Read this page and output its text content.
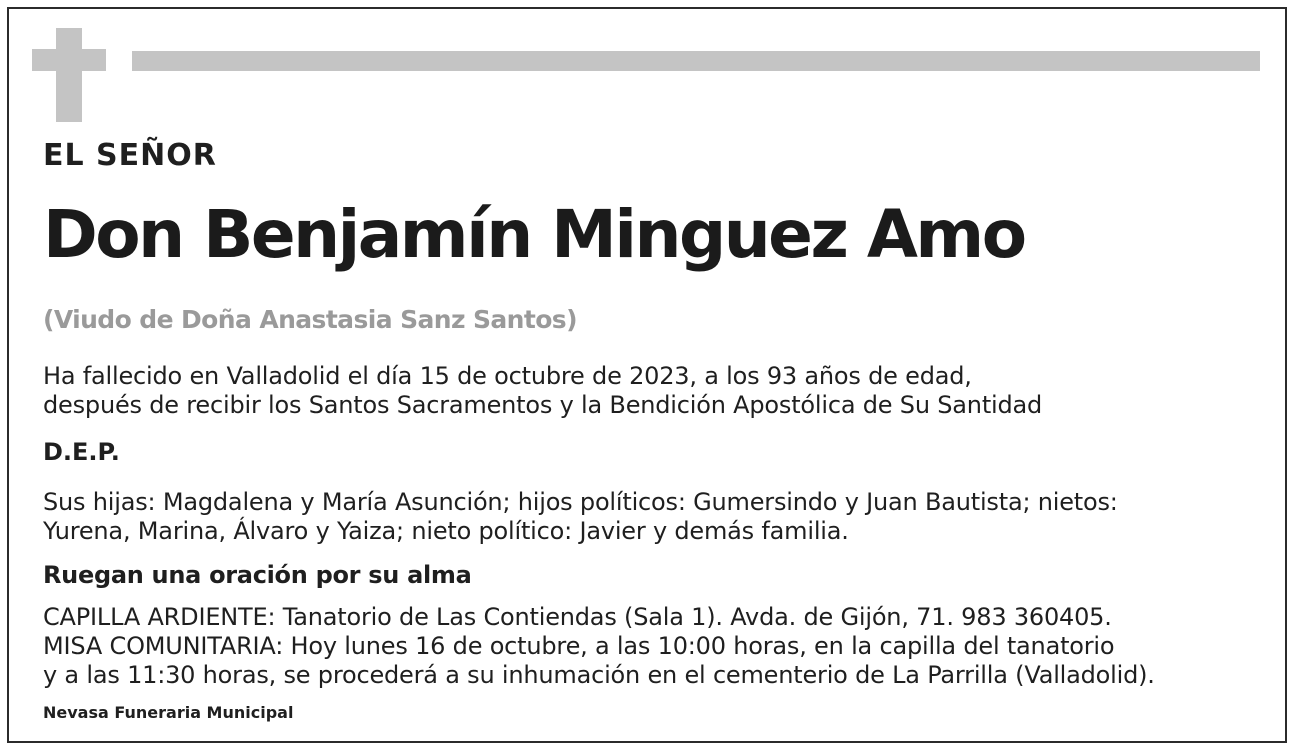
EL SEÑOR
Don Benjamín Minguez Amo
(Viudo de Doña Anastasia Sanz Santos)
Ha fallecido en Valladolid el día 15 de octubre de 2023, a los 93 años de edad,
después de recibir los Santos Sacramentos y la Bendición Apostólica de Su Santidad
D.E.P.
Sus hijas: Magdalena y María Asunción; hijos políticos: Gumersindo y Juan Bautista; nietos:
Yurena, Marina, Álvaro y Yaiza; nieto político: Javier y demás familia.
Ruegan una oración por su alma
CAPILLA ARDIENTE: Tanatorio de Las Contiendas (Sala 1). Avda. de Gijón, 71. 983 360405.
MISA COMUNITARIA: Hoy lunes 16 de octubre, a las 10:00 horas, en la capilla del tanatorio
y a las 11:30 horas, se procederá a su inhumación en el cementerio de La Parrilla (Valladolid).
Nevasa Funeraria Municipal
